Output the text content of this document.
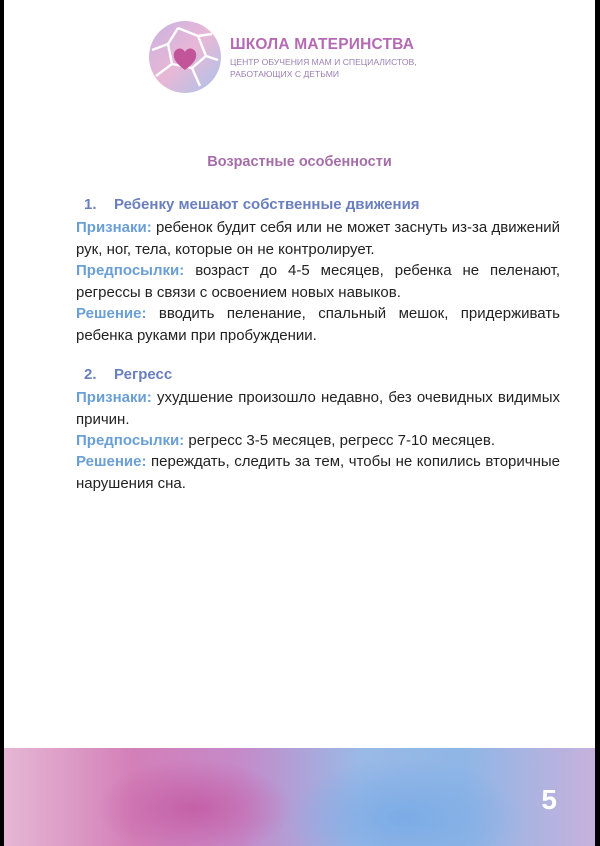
ШКОЛА МАТЕРИНСТВА
ЦЕНТР ОБУЧЕНИЯ МАМ И СПЕЦИАЛИСТОВ, РАБОТАЮЩИХ С ДЕТЬМИ
Возрастные особенности
1. Ребенку мешают собственные движения
Признаки: ребенок будит себя или не может заснуть из-за движений рук, ног, тела, которые он не контролирует.
Предпосылки: возраст до 4-5 месяцев, ребенка не пеленают, регрессы в связи с освоением новых навыков.
Решение: вводить пеленание, спальный мешок, придерживать ребенка руками при пробуждении.
2. Регресс
Признаки: ухудшение произошло недавно, без очевидных видимых причин.
Предпосылки: регресс 3-5 месяцев, регресс 7-10 месяцев.
Решение: переждать, следить за тем, чтобы не копились вторичные нарушения сна.
5
